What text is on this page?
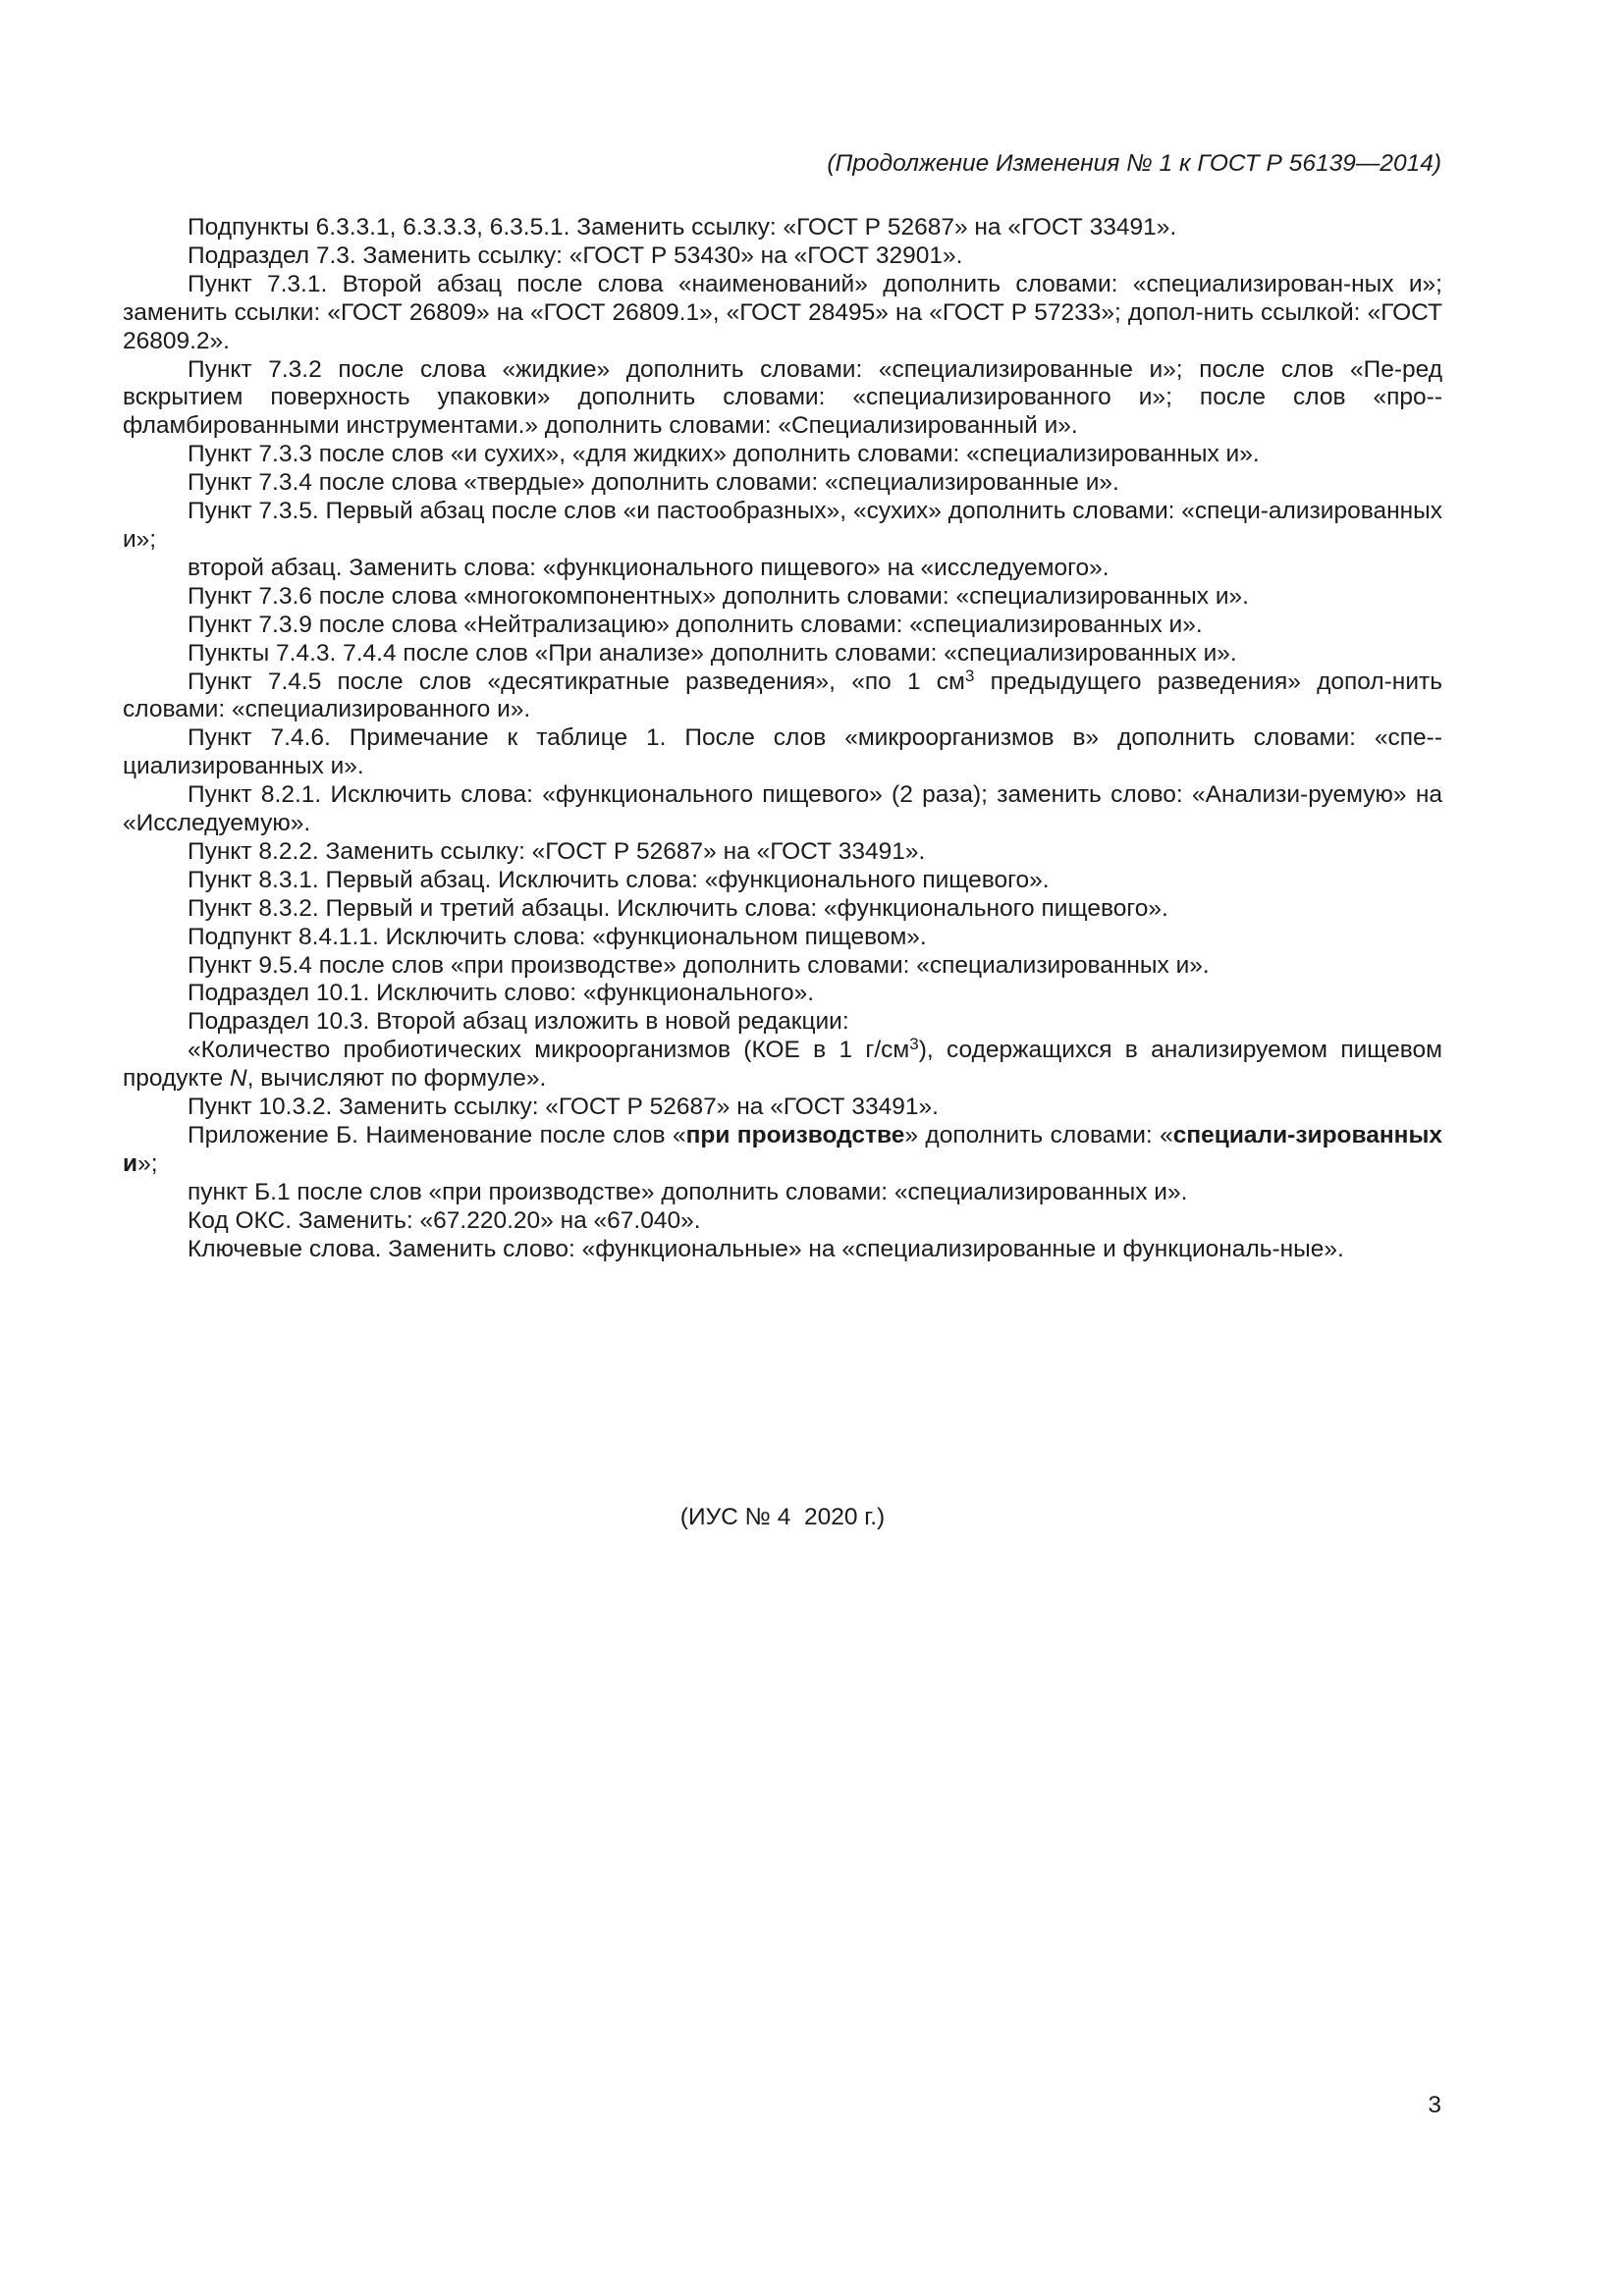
(Продолжение Изменения № 1 к ГОСТ Р 56139—2014)

Подпункты 6.3.3.1, 6.3.3.3, 6.3.5.1. Заменить ссылку: «ГОСТ Р 52687» на «ГОСТ 33491».

Подраздел 7.3. Заменить ссылку: «ГОСТ Р 53430» на «ГОСТ 32901».

Пункт 7.3.1. Второй абзац после слова «наименований» дополнить словами: «специализирован-ных и»; заменить ссылки: «ГОСТ 26809» на «ГОСТ 26809.1», «ГОСТ 28495» на «ГОСТ Р 57233»; допол-нить ссылкой: «ГОСТ 26809.2».

Пункт 7.3.2 после слова «жидкие» дополнить словами: «специализированные и»; после слов «Пе-ред вскрытием поверхность упаковки» дополнить словами: «специализированного и»; после слов «про-фламбированными инструментами.» дополнить словами: «Специализированный и».

Пункт 7.3.3 после слов «и сухих», «для жидких» дополнить словами: «специализированных и».

Пункт 7.3.4 после слова «твердые» дополнить словами: «специализированные и».

Пункт 7.3.5. Первый абзац после слов «и пастообразных», «сухих» дополнить словами: «специ-ализированных и»;

второй абзац. Заменить слова: «функционального пищевого» на «исследуемого».

Пункт 7.3.6 после слова «многокомпонентных» дополнить словами: «специализированных и».

Пункт 7.3.9 после слова «Нейтрализацию» дополнить словами: «специализированных и».

Пункты 7.4.3. 7.4.4 после слов «При анализе» дополнить словами: «специализированных и».

Пункт 7.4.5 после слов «десятикратные разведения», «по 1 $см^3$ предыдущего разведения» допол-нить словами: «специализированного и».

Пункт 7.4.6. Примечание к таблице 1. После слов «микроорганизмов в» дополнить словами: «спе-циализированных и».

Пункт 8.2.1. Исключить слова: «функционального пищевого» (2 раза); заменить слово: «Анализи-руемую» на «Исследуемую».

Пункт 8.2.2. Заменить ссылку: «ГОСТ Р 52687» на «ГОСТ 33491».

Пункт 8.3.1. Первый абзац. Исключить слова: «функционального пищевого».

Пункт 8.3.2. Первый и третий абзацы. Исключить слова: «функционального пищевого».

Подпункт 8.4.1.1. Исключить слова: «функциональном пищевом».

Пункт 9.5.4 после слов «при производстве» дополнить словами: «специализированных и».

Подраздел 10.1. Исключить слово: «функционального».

Подраздел 10.3. Второй абзац изложить в новой редакции:

«Количество пробиотических микроорганизмов (КОЕ в 1 $г/см^3$), содержащихся в анализируемом пищевом продукте N, вычисляют по формуле».

Пункт 10.3.2. Заменить ссылку: «ГОСТ Р 52687» на «ГОСТ 33491».

Приложение Б. Наименование после слов «при производстве» дополнить словами: «специали-зированных и»;

пункт Б.1 после слов «при производстве» дополнить словами: «специализированных и».

Код ОКС. Заменить: «67.220.20» на «67.040».

Ключевые слова. Заменить слово: «функциональные» на «специализированные и функциональ-ные».

(ИУС № 4  2020 г.)

3
